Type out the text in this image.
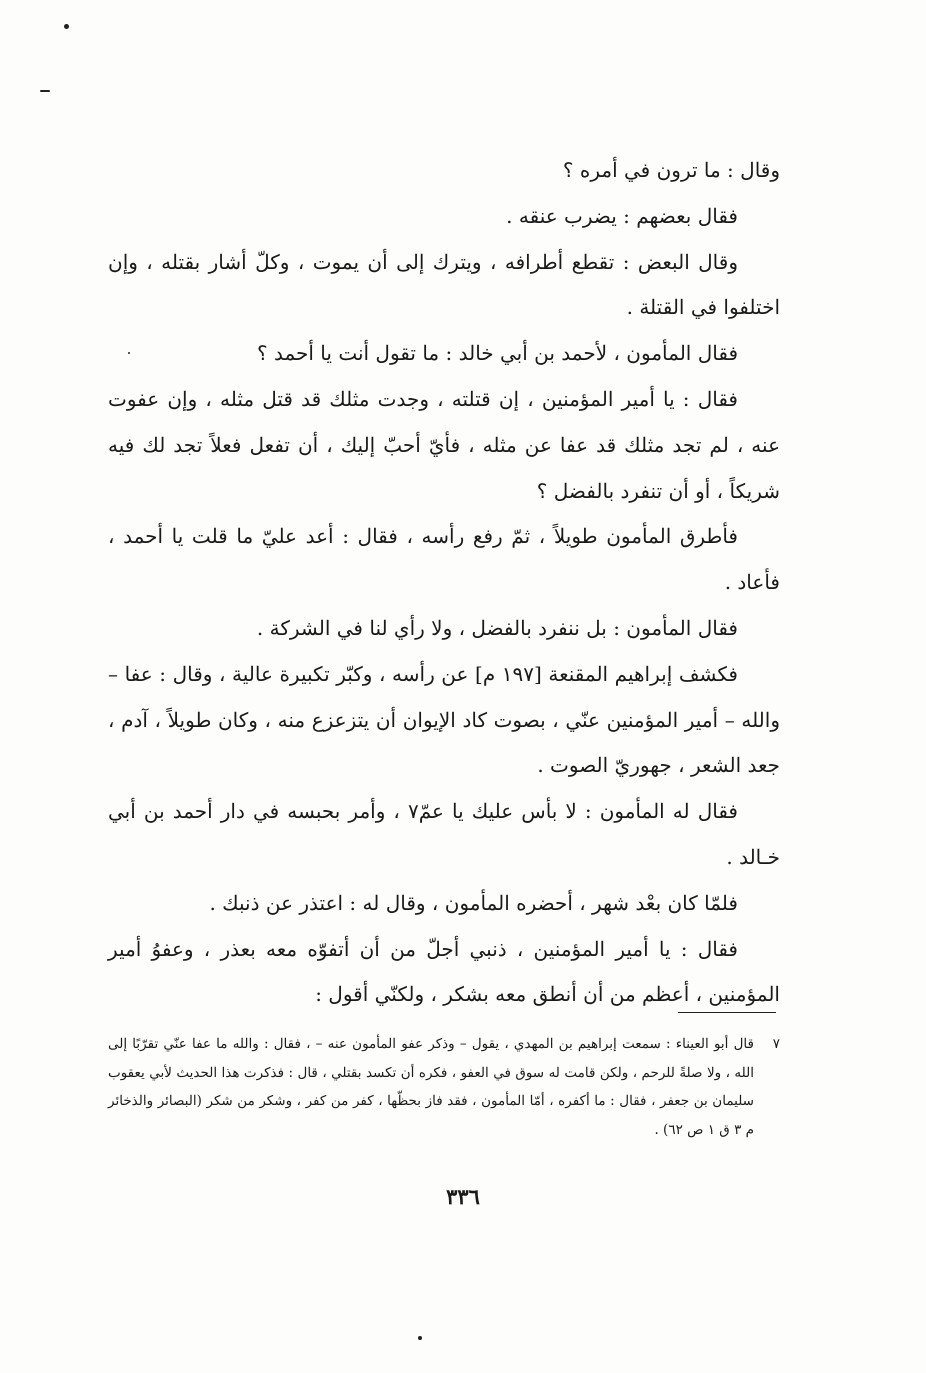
وقال : ما ترون في أمره ؟

فقال بعضهم : يضرب عنقه .

وقال البعض : تقطع أطرافه ، ويترك إلى أن يموت ، وكلّ أشار بقتله ، وإن اختلفوا في القتلة .

فقال المأمون ، لأحمد بن أبي خالد : ما تقول أنت يا أحمد ؟

فقال : يا أمير المؤمنين ، إن قتلته ، وجدت مثلك قد قتل مثله ، وإن عفوت عنه ، لم تجد مثلك قد عفا عن مثله ، فأيّ أحبّ إليك ، أن تفعل فعلاً تجد لك فيه شريكاً ، أو أن تنفرد بالفضل ؟

فأطرق المأمون طويلاً ، ثمّ رفع رأسه ، فقال : أعد عليّ ما قلت يا أحمد ، فأعاد .

فقال المأمون : بل ننفرد بالفضل ، ولا رأي لنا في الشركة .

فكشف إبراهيم المقنعة [١٩٧ م] عن رأسه ، وكبّر تكبيرة عالية ، وقال : عفا – والله – أمير المؤمنين عنّي ، بصوت كاد الإيوان أن يتزعزع منه ، وكان طويلاً ، آدم ، جعد الشعر ، جهوريّ الصوت .

فقال له المأمون : لا بأس عليك يا عمّ٧ ، وأمر بحبسه في دار أحمد بن أبي خـالد .

فلمّا كان بعْد شهر ، أحضره المأمون ، وقال له : اعتذر عن ذنبك .

فقال : يا أمير المؤمنين ، ذنبي أجلّ من أن أتفوّه معه بعذر ، وعفوُ أمير المؤمنين ، أعظم من أن أنطق معه بشكر ، ولكنّي أقول :

٧
قال أبو العيناء : سمعت إبراهيم بن المهدي ، يقول – وذكر عفو المأمون عنه – ، فقال : والله ما عفا عنّي تقرّبًا إلى الله ، ولا صلةً للرحم ، ولكن قامت له سوق في العفو ، فكره أن تكسد بقتلي ، قال : فذكرت هذا الحديث لأبي يعقوب سليمان بن جعفر ، فقال : ما أكفره ، أمّا المأمون ، فقد فاز بحظّها ، كفر من كفر ، وشكر من شكر (البصائر والذخائر م ٣ ق ١ ص ٦٢) .

٣٣٦
